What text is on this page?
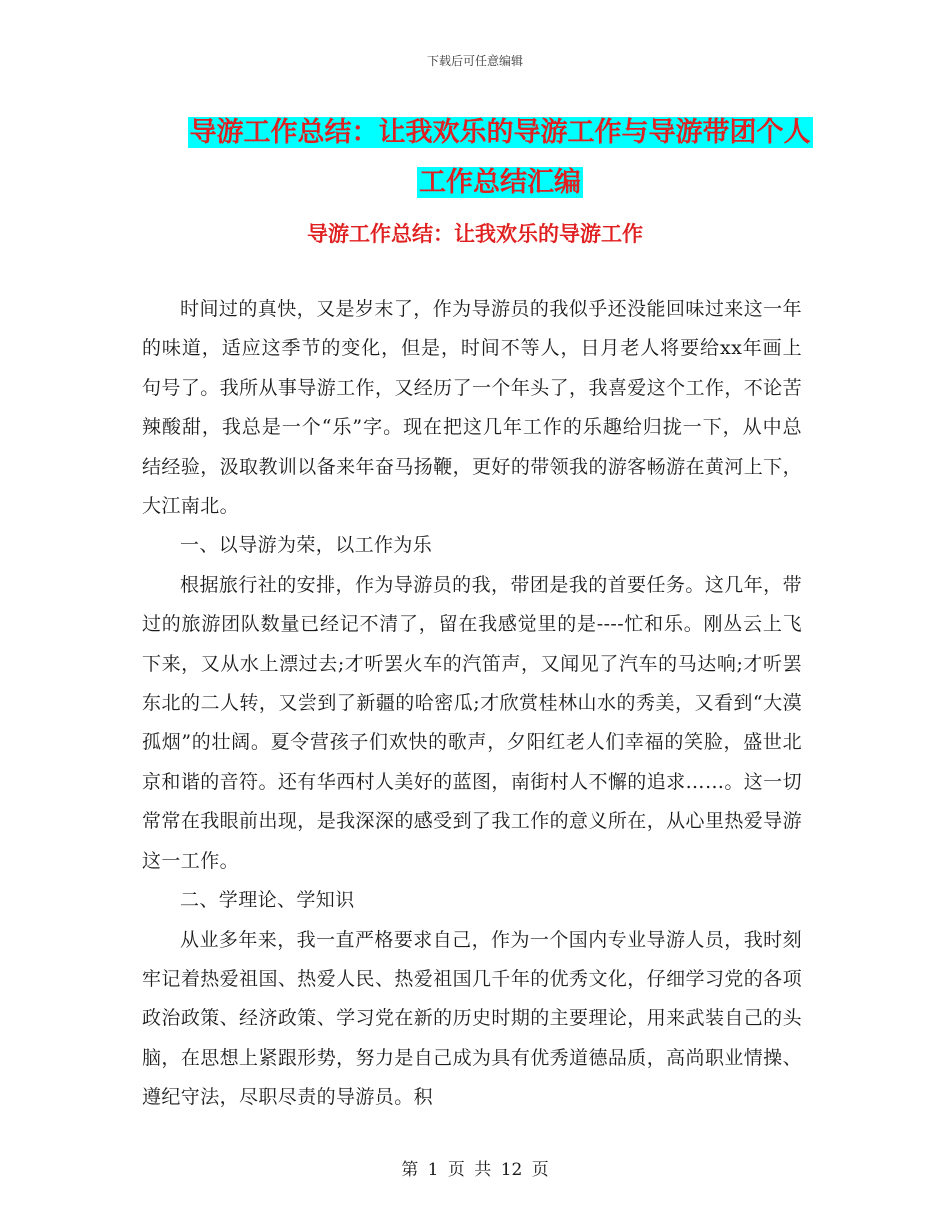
下载后可任意编辑
导游工作总结：让我欢乐的导游工作与导游带团个人
工作总结汇编
导游工作总结：让我欢乐的导游工作

时间过的真快，又是岁末了，作为导游员的我似乎还没能回味过来这一年的味道，适应这季节的变化，但是，时间不等人，日月老人将要给xx年画上句号了。我所从事导游工作，又经历了一个年头了，我喜爱这个工作，不论苦辣酸甜，我总是一个“乐”字。现在把这几年工作的乐趣给归拢一下，从中总结经验，汲取教训以备来年奋马扬鞭，更好的带领我的游客畅游在黄河上下，大江南北。

一、以导游为荣，以工作为乐

根据旅行社的安排，作为导游员的我，带团是我的首要任务。这几年，带过的旅游团队数量已经记不清了，留在我感觉里的是----忙和乐。刚丛云上飞下来，又从水上漂过去;才听罢火车的汽笛声，又闻见了汽车的马达响;才听罢东北的二人转，又尝到了新疆的哈密瓜;才欣赏桂林山水的秀美，又看到“大漠孤烟”的壮阔。夏令营孩子们欢快的歌声，夕阳红老人们幸福的笑脸，盛世北京和谐的音符。还有华西村人美好的蓝图，南街村人不懈的追求……。这一切常常在我眼前出现，是我深深的感受到了我工作的意义所在，从心里热爱导游这一工作。

二、学理论、学知识

从业多年来，我一直严格要求自己，作为一个国内专业导游人员，我时刻牢记着热爱祖国、热爱人民、热爱祖国几千年的优秀文化，仔细学习党的各项政治政策、经济政策、学习党在新的历史时期的主要理论，用来武装自己的头脑，在思想上紧跟形势，努力是自己成为具有优秀道德品质，高尚职业情操、遵纪守法，尽职尽责的导游员。积

第 1 页 共 12 页
